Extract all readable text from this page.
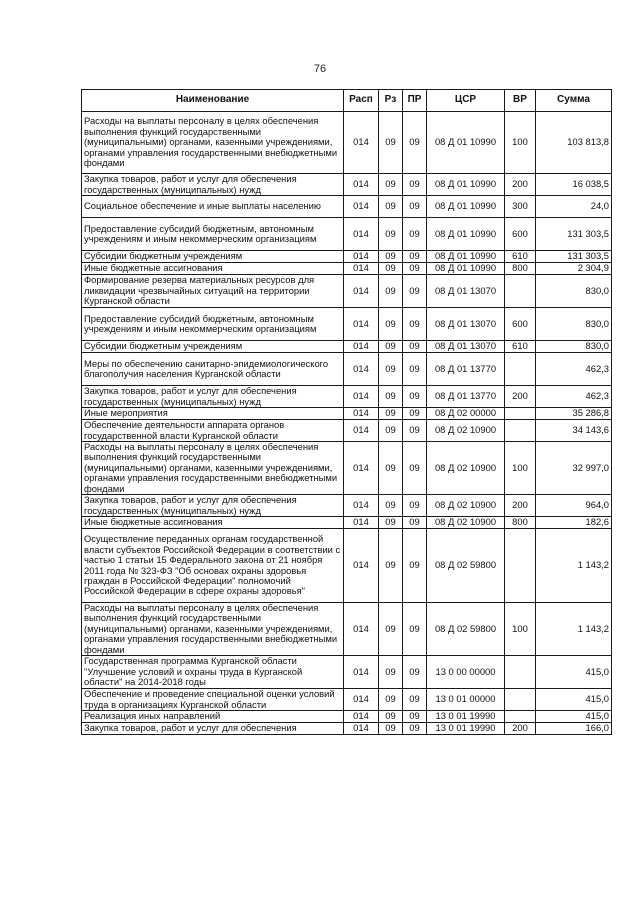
76
Наименование	Расп	Рз	ПР	ЦСР	ВР	Сумма
Расходы на выплаты персоналу в целях обеспечения выполнения функций государственными (муниципальными) органами, казенными учреждениями, органами управления государственными внебюджетными фондами	014	09	09	08 Д 01 10990	100	103 813,8
Закупка товаров, работ и услуг для обеспечения государственных (муниципальных) нужд	014	09	09	08 Д 01 10990	200	16 038,5
Социальное обеспечение и иные выплаты населению	014	09	09	08 Д 01 10990	300	24,0
Предоставление субсидий бюджетным, автономным учреждениям и иным некоммерческим организациям	014	09	09	08 Д 01 10990	600	131 303,5
Субсидии бюджетным учреждениям	014	09	09	08 Д 01 10990	610	131 303,5
Иные бюджетные ассигнования	014	09	09	08 Д 01 10990	800	2 304,9
Формирование резерва материальных ресурсов для ликвидации чрезвычайных ситуаций на территории Курганской области	014	09	09	08 Д 01 13070		830,0
Предоставление субсидий бюджетным, автономным учреждениям и иным некоммерческим организациям	014	09	09	08 Д 01 13070	600	830,0
Субсидии бюджетным учреждениям	014	09	09	08 Д 01 13070	610	830,0
Меры по обеспечению санитарно-эпидемиологического благополучия населения Курганской области	014	09	09	08 Д 01 13770		462,3
Закупка товаров, работ и услуг для обеспечения государственных (муниципальных) нужд	014	09	09	08 Д 01 13770	200	462,3
Иные мероприятия	014	09	09	08 Д 02 00000		35 286,8
Обеспечение деятельности аппарата органов государственной власти Курганской области	014	09	09	08 Д 02 10900		34 143,6
Расходы на выплаты персоналу в целях обеспечения выполнения функций государственными (муниципальными) органами, казенными учреждениями, органами управления государственными внебюджетными фондами	014	09	09	08 Д 02 10900	100	32 997,0
Закупка товаров, работ и услуг для обеспечения государственных (муниципальных) нужд	014	09	09	08 Д 02 10900	200	964,0
Иные бюджетные ассигнования	014	09	09	08 Д 02 10900	800	182,6
Осуществление переданных органам государственной власти субъектов Российской Федерации в соответствии с частью 1 статьи 15 Федерального закона от 21 ноября 2011 года № 323-ФЗ "Об основах охраны здоровья граждан в Российской Федерации" полномочий Российской Федерации в сфере охраны здоровья"	014	09	09	08 Д 02 59800		1 143,2
Расходы на выплаты персоналу в целях обеспечения выполнения функций государственными (муниципальными) органами, казенными учреждениями, органами управления государственными внебюджетными фондами	014	09	09	08 Д 02 59800	100	1 143,2
Государственная программа Курганской области "Улучшение условий и охраны труда в Курганской области" на 2014-2018 годы	014	09	09	13 0 00 00000		415,0
Обеспечение и проведение специальной оценки условий труда в организациях Курганской области	014	09	09	13 0 01 00000		415,0
Реализация иных направлений	014	09	09	13 0 01 19990		415,0
Закупка товаров, работ и услуг для обеспечения	014	09	09	13 0 01 19990	200	166,0
